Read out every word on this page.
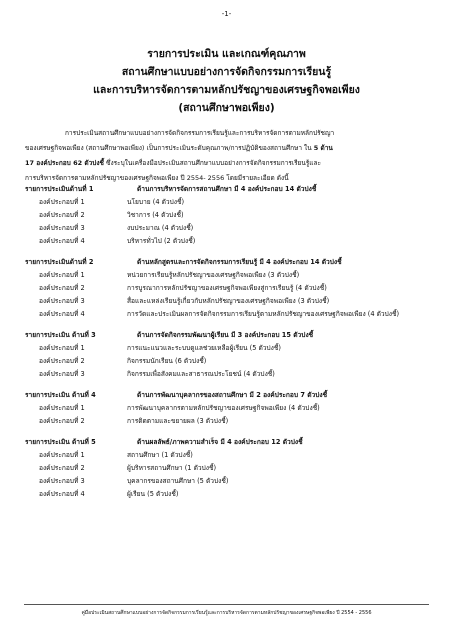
-1-
รายการประเมิน และเกณฑ์คุณภาพ
สถานศึกษาแบบอย่างการจัดกิจกรรมการเรียนรู้
และการบริหารจัดการตามหลักปรัชญาของเศรษฐกิจพอเพียง
(สถานศึกษาพอเพียง)
การประเมินสถานศึกษาแบบอย่างการจัดกิจกรรมการเรียนรู้และการบริหารจัดการตามหลักปรัชญา
ของเศรษฐกิจพอเพียง (สถานศึกษาพอเพียง) เป็นการประเมินระดับคุณภาพ/การปฏิบัติของสถานศึกษา ใน 5 ด้าน
17 องค์ประกอบ 62 ตัวบ่งชี้ ซึ่งระบุในเครื่องมือประเมินสถานศึกษาแบบอย่างการจัดกิจกรรมการเรียนรู้และ
การบริหารจัดการตามหลักปรัชญาของเศรษฐกิจพอเพียง ปี 2554- 2556 โดยมีรายละเอียด ดังนี้
รายการประเมินด้านที่ 1	ด้านการบริหารจัดการสถานศึกษา มี 4 องค์ประกอบ 14 ตัวบ่งชี้
องค์ประกอบที่ 1	นโยบาย (4 ตัวบ่งชี้)
องค์ประกอบที่ 2	วิชาการ (4 ตัวบ่งชี้)
องค์ประกอบที่ 3	งบประมาณ (4 ตัวบ่งชี้)
องค์ประกอบที่ 4	บริหารทั่วไป (2 ตัวบ่งชี้)
รายการประเมินด้านที่ 2	ด้านหลักสูตรและการจัดกิจกรรมการเรียนรู้ มี 4 องค์ประกอบ 14 ตัวบ่งชี้
องค์ประกอบที่ 1	หน่วยการเรียนรู้หลักปรัชญาของเศรษฐกิจพอเพียง (3 ตัวบ่งชี้)
องค์ประกอบที่ 2	การบูรณาการหลักปรัชญาของเศรษฐกิจพอเพียงสู่การเรียนรู้ (4 ตัวบ่งชี้)
องค์ประกอบที่ 3	สื่อและแหล่งเรียนรู้เกี่ยวกับหลักปรัชญาของเศรษฐกิจพอเพียง (3 ตัวบ่งชี้)
องค์ประกอบที่ 4	การวัดและประเมินผลการจัดกิจกรรมการเรียนรู้ตามหลักปรัชญาของเศรษฐกิจพอเพียง (4 ตัวบ่งชี้)
รายการประเมิน ด้านที่ 3	ด้านการจัดกิจกรรมพัฒนาผู้เรียน มี 3 องค์ประกอบ 15 ตัวบ่งชี้
องค์ประกอบที่ 1	การแนะแนวและระบบดูแลช่วยเหลือผู้เรียน (5 ตัวบ่งชี้)
องค์ประกอบที่ 2	กิจกรรมนักเรียน (6 ตัวบ่งชี้)
องค์ประกอบที่ 3	กิจกรรมเพื่อสังคมและสาธารณประโยชน์ (4 ตัวบ่งชี้)
รายการประเมิน ด้านที่ 4	ด้านการพัฒนาบุคลากรของสถานศึกษา มี 2 องค์ประกอบ 7 ตัวบ่งชี้
องค์ประกอบที่ 1	การพัฒนาบุคลากรตามหลักปรัชญาของเศรษฐกิจพอเพียง (4 ตัวบ่งชี้)
องค์ประกอบที่ 2	การติดตามและขยายผล (3 ตัวบ่งชี้)
รายการประเมิน ด้านที่ 5	ด้านผลลัพธ์/ภาพความสำเร็จ มี 4 องค์ประกอบ 12 ตัวบ่งชี้
องค์ประกอบที่ 1	สถานศึกษา (1 ตัวบ่งชี้)
องค์ประกอบที่ 2	ผู้บริหารสถานศึกษา (1 ตัวบ่งชี้)
องค์ประกอบที่ 3	บุคลากรของสถานศึกษา (5 ตัวบ่งชี้)
องค์ประกอบที่ 4	ผู้เรียน (5 ตัวบ่งชี้)
คู่มือประเมินสถานศึกษาแบบอย่างการจัดกิจกรรมการเรียนรู้และการบริหารจัดการตามหลักปรัชญาของเศรษฐกิจพอเพียง ปี 2554 - 2556
